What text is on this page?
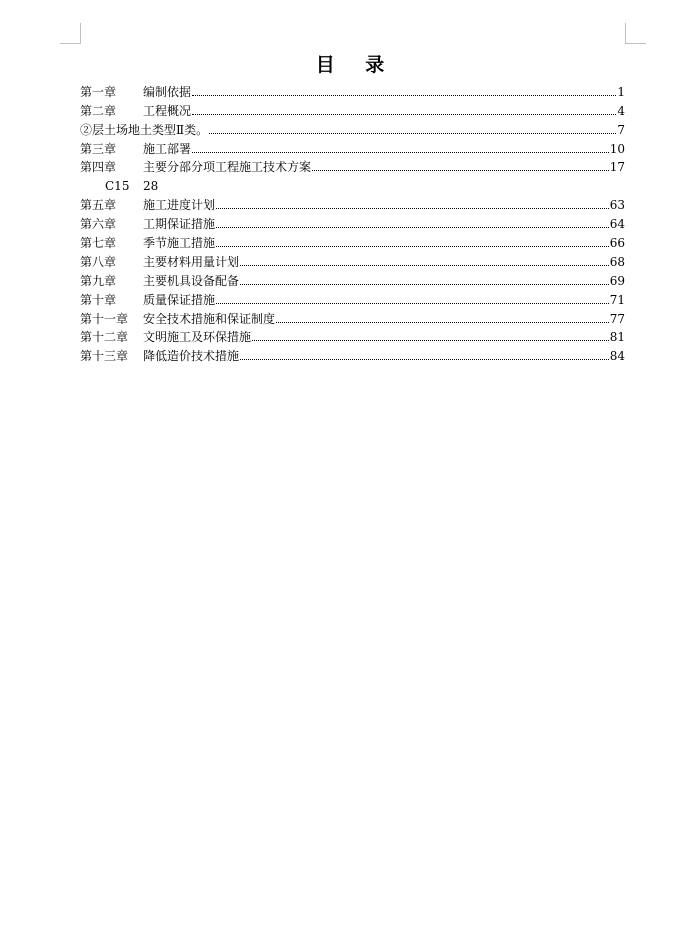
目 录
第一章	编制依据	1
第二章	工程概况	4
②层土场地土类型Ⅱ类。	7
第三章	施工部署	10
第四章	主要分部分项工程施工技术方案	17
C15	28
第五章	施工进度计划	63
第六章	工期保证措施	64
第七章	季节施工措施	66
第八章	主要材料用量计划	68
第九章	主要机具设备配备	69
第十章	质量保证措施	71
第十一章	安全技术措施和保证制度	77
第十二章	文明施工及环保措施	81
第十三章	降低造价技术措施	84
